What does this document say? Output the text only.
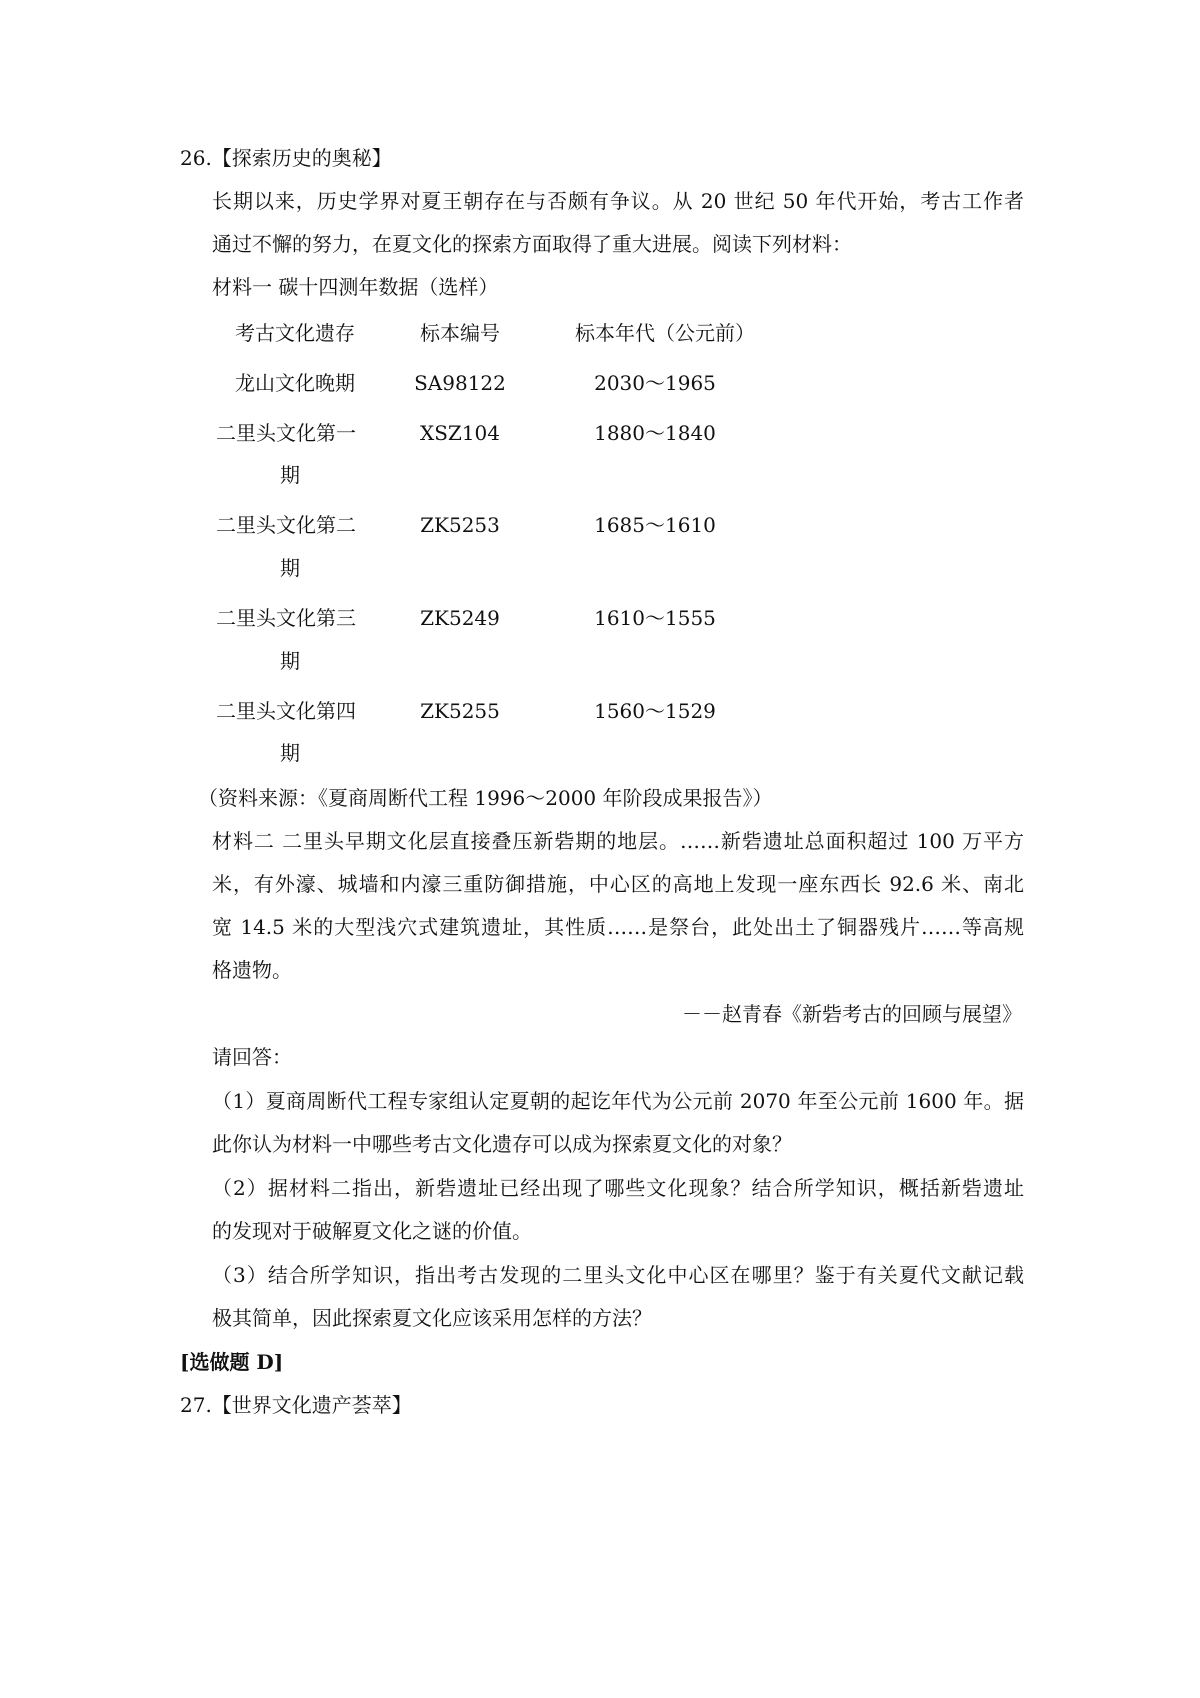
26.【探索历史的奥秘】
长期以来，历史学界对夏王朝存在与否颇有争议。从 20 世纪 50 年代开始，考古工作者
通过不懈的努力，在夏文化的探索方面取得了重大进展。阅读下列材料：
材料一 碳十四测年数据（选样）
考古文化遗存	标本编号	标本年代（公元前）
龙山文化晚期	SA98122	2030～1965
二里头文化第一
期
XSZ104	1880～1840
二里头文化第二
期
ZK5253	1685～1610
二里头文化第三
期
ZK5249	1610～1555
二里头文化第四
期
ZK5255	1560～1529
（资料来源：《夏商周断代工程 1996～2000 年阶段成果报告》）
材料二 二里头早期文化层直接叠压新砦期的地层。……新砦遗址总面积超过 100 万平方
米，有外濠、城墙和内濠三重防御措施，中心区的高地上发现一座东西长 92.6 米、南北
宽 14.5 米的大型浅穴式建筑遗址，其性质……是祭台，此处出土了铜器残片……等高规
格遗物。
－－赵青春《新砦考古的回顾与展望》
请回答：
（1）夏商周断代工程专家组认定夏朝的起讫年代为公元前 2070 年至公元前 1600 年。据
此你认为材料一中哪些考古文化遗存可以成为探索夏文化的对象？
（2）据材料二指出，新砦遗址已经出现了哪些文化现象？结合所学知识，概括新砦遗址
的发现对于破解夏文化之谜的价值。
（3）结合所学知识，指出考古发现的二里头文化中心区在哪里？鉴于有关夏代文献记载
极其简单，因此探索夏文化应该采用怎样的方法？
[选做题 D]
27.【世界文化遗产荟萃】
